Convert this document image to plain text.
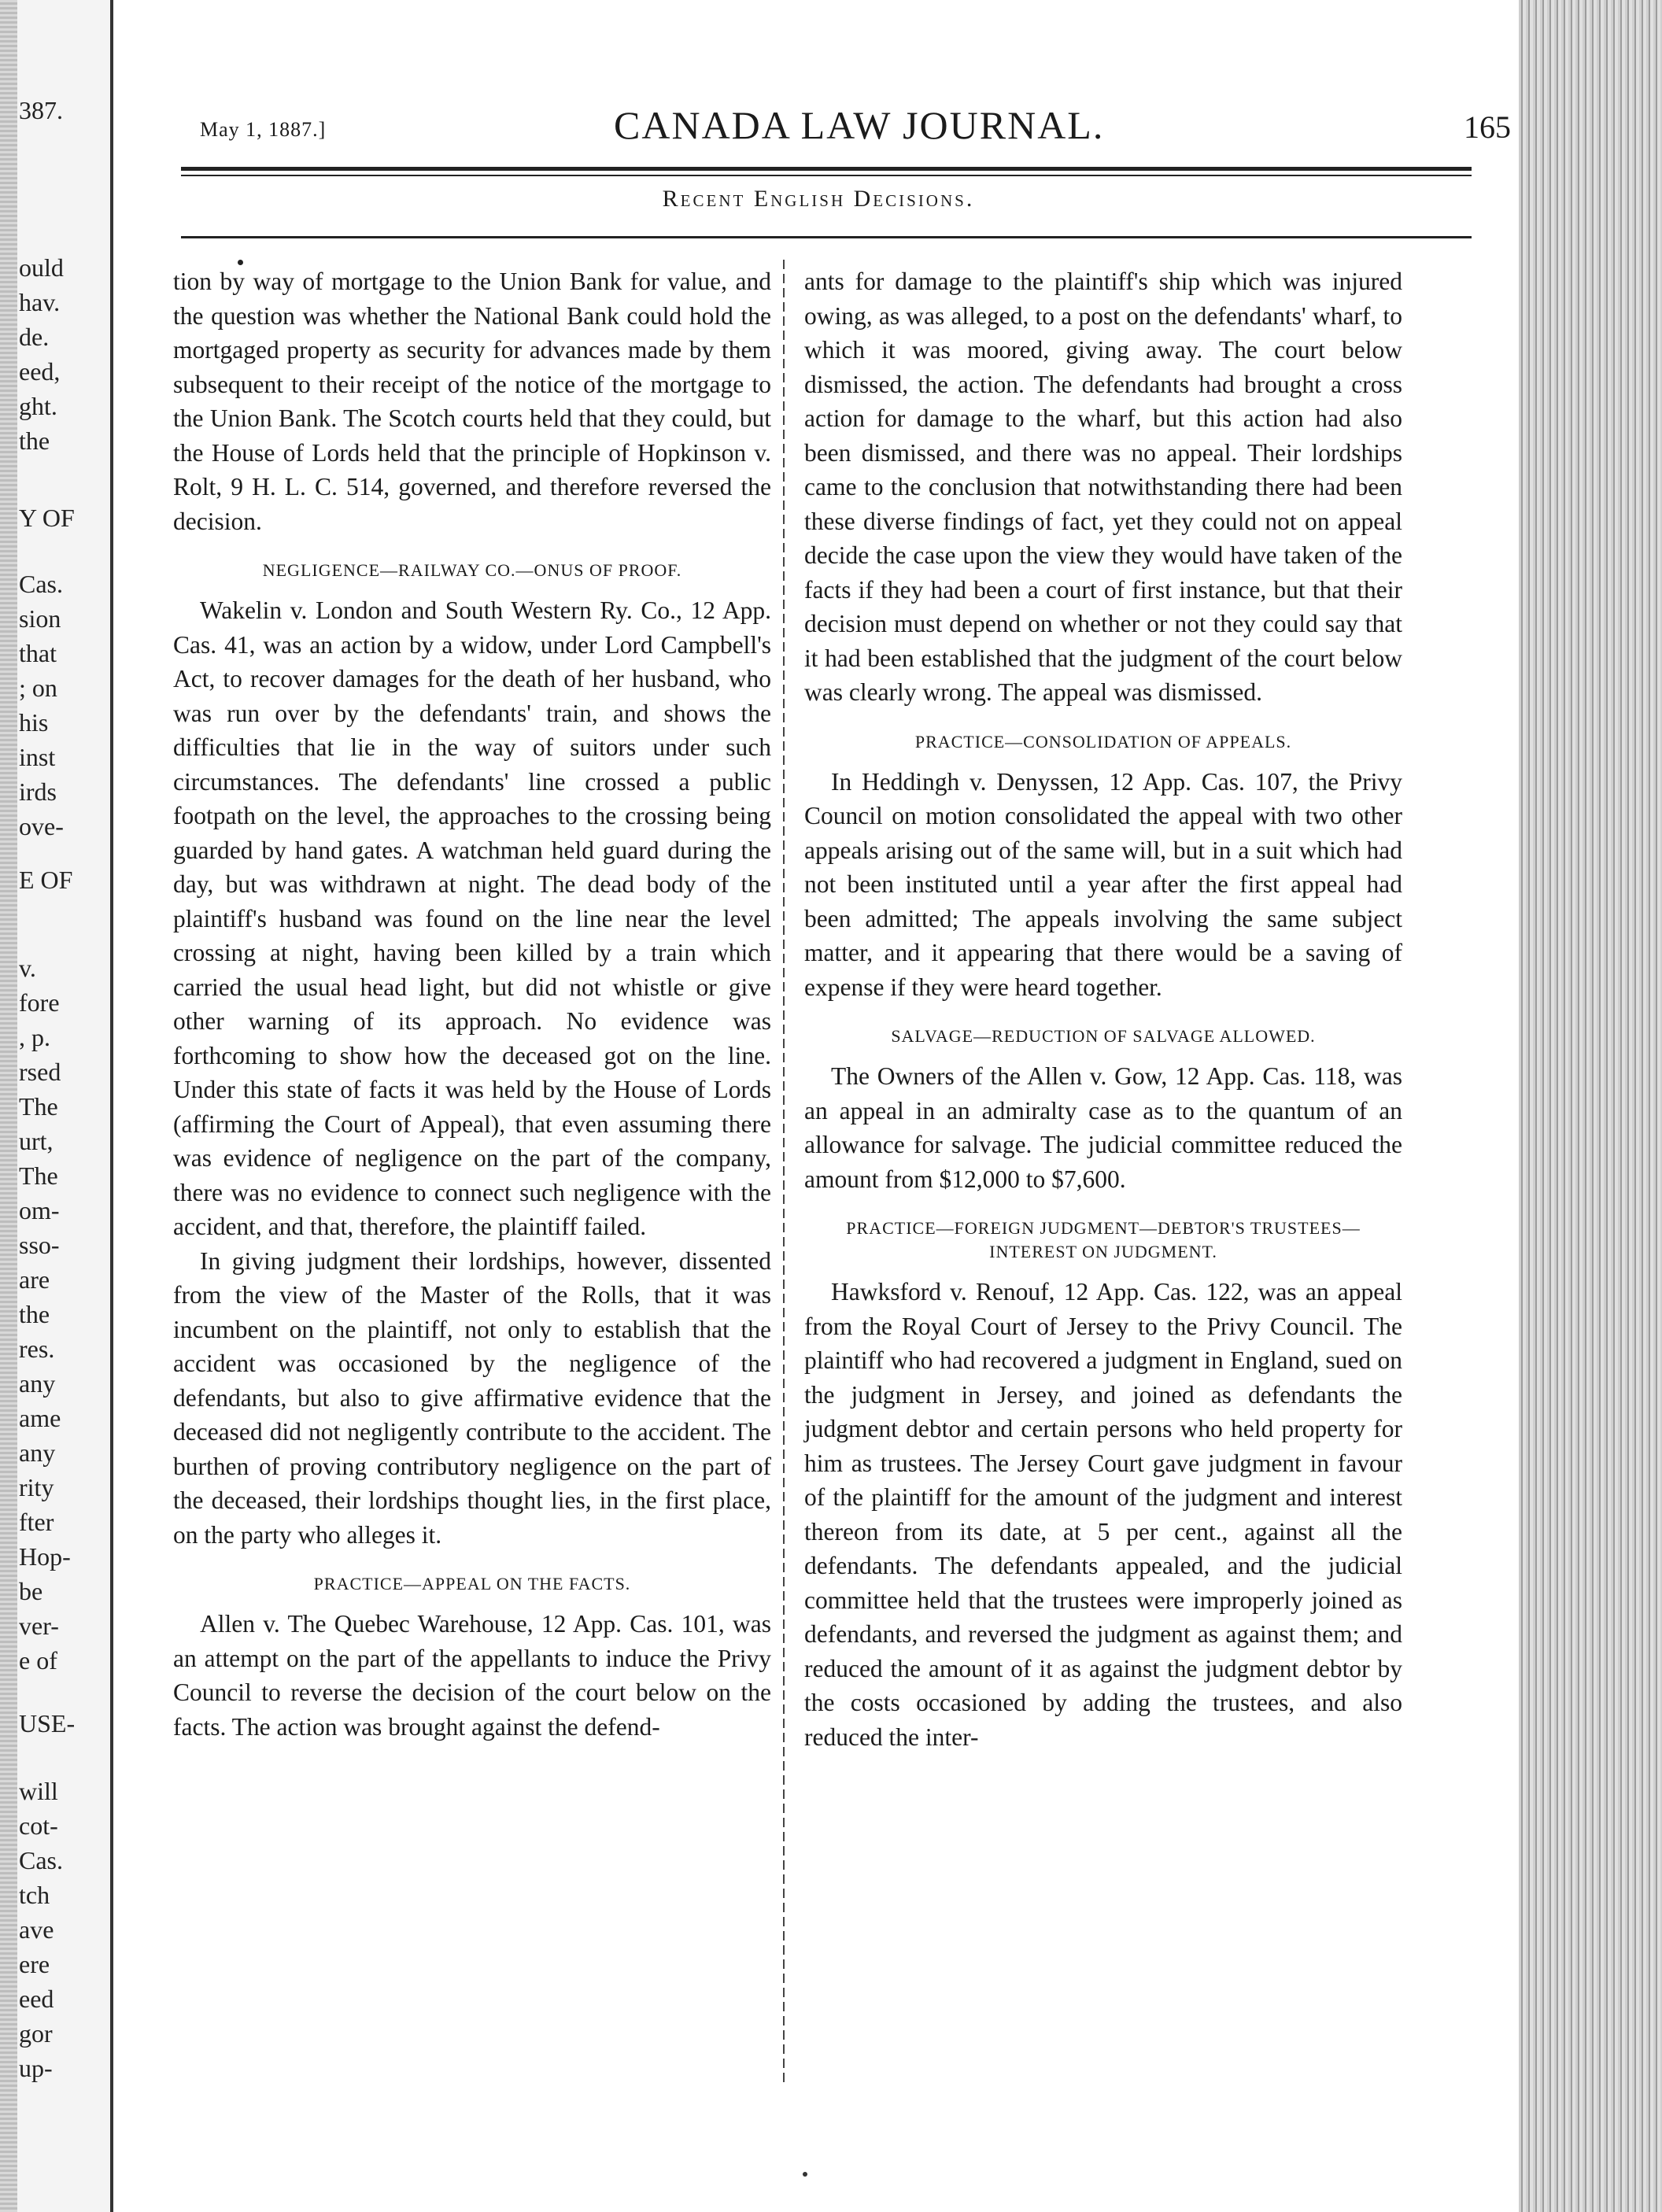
387.
ould
hav.
de.
eed,
ght.
the
Y OF
Cas.
sion
that
; on
his
inst
irds
ove-
E OF
v.
fore
, p.
rsed
The
urt,
The
om-
sso-
are
the
res.
any
ame
any
rity
fter
Hop-
be
ver-
e of
USE-
will
cot-
Cas.
tch
ave
ere
eed
gor
up-
May 1, 1887.]	CANADA LAW JOURNAL.	165
Recent English Decisions.

tion by way of mortgage to the Union Bank for value, and the question was whether the National Bank could hold the mortgaged property as security for advances made by them subsequent to their receipt of the notice of the mortgage to the Union Bank. The Scotch courts held that they could, but the House of Lords held that the principle of Hopkinson v. Rolt, 9 H. L. C. 514, governed, and therefore reversed the decision.

NEGLIGENCE—RAILWAY CO.—ONUS OF PROOF.

Wakelin v. London and South Western Ry. Co., 12 App. Cas. 41, was an action by a widow, under Lord Campbell's Act, to recover damages for the death of her husband, who was run over by the defendants' train, and shows the difficulties that lie in the way of suitors under such circumstances. The defendants' line crossed a public footpath on the level, the approaches to the crossing being guarded by hand gates. A watchman held guard during the day, but was withdrawn at night. The dead body of the plaintiff's husband was found on the line near the level crossing at night, having been killed by a train which carried the usual head light, but did not whistle or give other warning of its approach. No evidence was forthcoming to show how the deceased got on the line. Under this state of facts it was held by the House of Lords (affirming the Court of Appeal), that even assuming there was evidence of negligence on the part of the company, there was no evidence to connect such negligence with the accident, and that, therefore, the plaintiff failed.

In giving judgment their lordships, however, dissented from the view of the Master of the Rolls, that it was incumbent on the plaintiff, not only to establish that the accident was occasioned by the negligence of the defendants, but also to give affirmative evidence that the deceased did not negligently contribute to the accident. The burthen of proving contributory negligence on the part of the deceased, their lordships thought lies, in the first place, on the party who alleges it.

PRACTICE—APPEAL ON THE FACTS.

Allen v. The Quebec Warehouse, 12 App. Cas. 101, was an attempt on the part of the appellants to induce the Privy Council to reverse the decision of the court below on the facts. The action was brought against the defend-

ants for damage to the plaintiff's ship which was injured owing, as was alleged, to a post on the defendants' wharf, to which it was moored, giving away. The court below dismissed, the action. The defendants had brought a cross action for damage to the wharf, but this action had also been dismissed, and there was no appeal. Their lordships came to the conclusion that notwithstanding there had been these diverse findings of fact, yet they could not on appeal decide the case upon the view they would have taken of the facts if they had been a court of first instance, but that their decision must depend on whether or not they could say that it had been established that the judgment of the court below was clearly wrong. The appeal was dismissed.

PRACTICE—CONSOLIDATION OF APPEALS.

In Heddingh v. Denyssen, 12 App. Cas. 107, the Privy Council on motion consolidated the appeal with two other appeals arising out of the same will, but in a suit which had not been instituted until a year after the first appeal had been admitted; The appeals involving the same subject matter, and it appearing that there would be a saving of expense if they were heard together.

SALVAGE—REDUCTION OF SALVAGE ALLOWED.

The Owners of the Allen v. Gow, 12 App. Cas. 118, was an appeal in an admiralty case as to the quantum of an allowance for salvage. The judicial committee reduced the amount from $12,000 to $7,600.

PRACTICE—FOREIGN JUDGMENT—DEBTOR'S TRUSTEES—
INTEREST ON JUDGMENT.

Hawksford v. Renouf, 12 App. Cas. 122, was an appeal from the Royal Court of Jersey to the Privy Council. The plaintiff who had recovered a judgment in England, sued on the judgment in Jersey, and joined as defendants the judgment debtor and certain persons who held property for him as trustees. The Jersey Court gave judgment in favour of the plaintiff for the amount of the judgment and interest thereon from its date, at 5 per cent., against all the defendants. The defendants appealed, and the judicial committee held that the trustees were improperly joined as defendants, and reversed the judgment as against them; and reduced the amount of it as against the judgment debtor by the costs occasioned by adding the trustees, and also reduced the inter-
